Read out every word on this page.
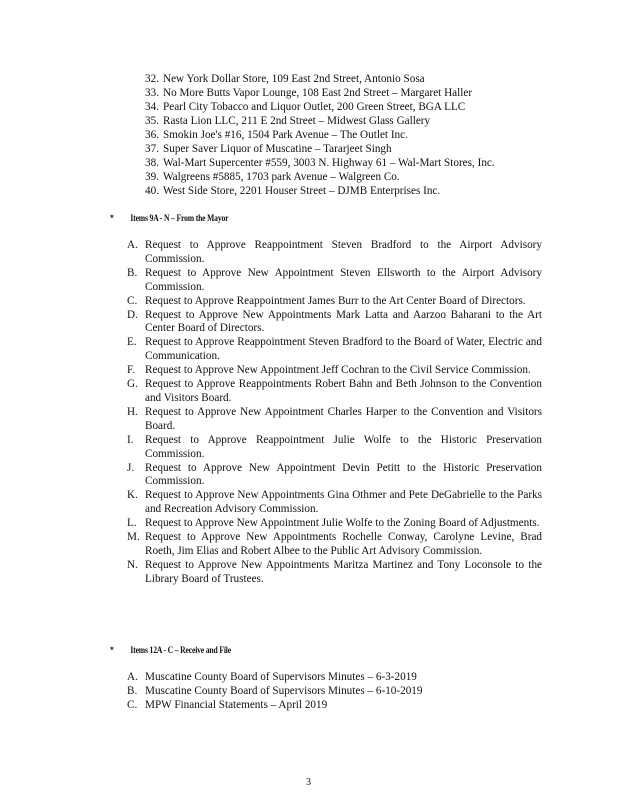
32. New York Dollar Store, 109 East 2nd Street, Antonio Sosa
33. No More Butts Vapor Lounge, 108 East 2nd Street – Margaret Haller
34. Pearl City Tobacco and Liquor Outlet, 200 Green Street, BGA LLC
35. Rasta Lion LLC, 211 E 2nd Street – Midwest Glass Gallery
36. Smokin Joe's #16, 1504 Park Avenue – The Outlet Inc.
37. Super Saver Liquor of Muscatine – Tararjeet Singh
38. Wal-Mart Supercenter #559, 3003 N. Highway 61 – Wal-Mart Stores, Inc.
39. Walgreens #5885, 1703 park Avenue – Walgreen Co.
40. West Side Store, 2201 Houser Street – DJMB Enterprises Inc.
* Items 9A - N – From the Mayor
A. Request to Approve Reappointment Steven Bradford to the Airport Advisory Commission.
B. Request to Approve New Appointment Steven Ellsworth to the Airport Advisory Commission.
C. Request to Approve Reappointment James Burr to the Art Center Board of Directors.
D. Request to Approve New Appointments Mark Latta and Aarzoo Baharani to the Art Center Board of Directors.
E. Request to Approve Reappointment Steven Bradford to the Board of Water, Electric and Communication.
F. Request to Approve New Appointment Jeff Cochran to the Civil Service Commission.
G. Request to Approve Reappointments Robert Bahn and Beth Johnson to the Convention and Visitors Board.
H. Request to Approve New Appointment Charles Harper to the Convention and Visitors Board.
I. Request to Approve Reappointment Julie Wolfe to the Historic Preservation Commission.
J. Request to Approve New Appointment Devin Petitt to the Historic Preservation Commission.
K. Request to Approve New Appointments Gina Othmer and Pete DeGabrielle to the Parks and Recreation Advisory Commission.
L. Request to Approve New Appointment Julie Wolfe to the Zoning Board of Adjustments.
M. Request to Approve New Appointments Rochelle Conway, Carolyne Levine, Brad Roeth, Jim Elias and Robert Albee to the Public Art Advisory Commission.
N. Request to Approve New Appointments Maritza Martinez and Tony Loconsole to the Library Board of Trustees.
* Items 12A - C – Receive and File
A. Muscatine County Board of Supervisors Minutes – 6-3-2019
B. Muscatine County Board of Supervisors Minutes – 6-10-2019
C. MPW Financial Statements – April 2019
3
